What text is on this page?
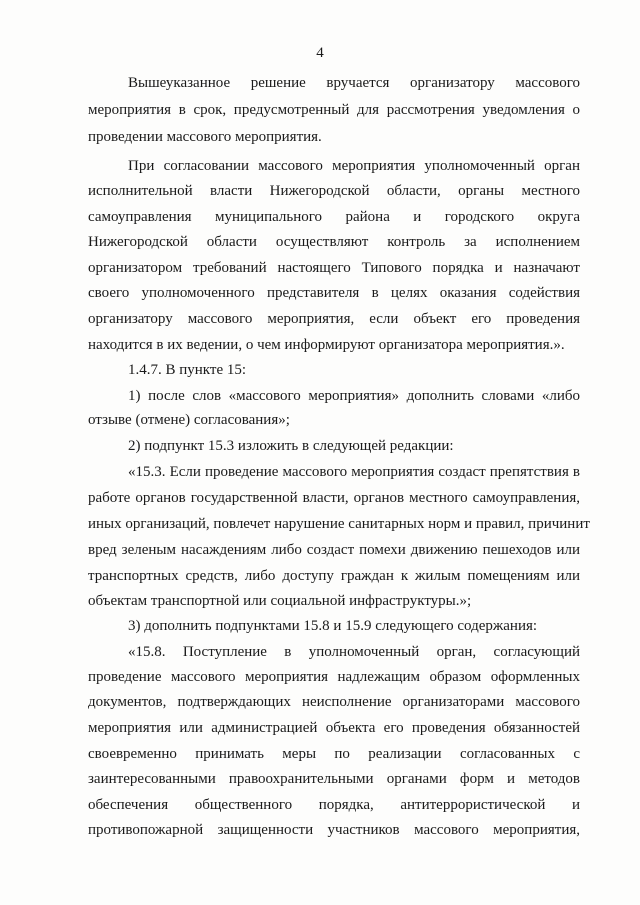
4
Вышеуказанное решение вручается организатору массового
мероприятия в срок, предусмотренный для рассмотрения уведомления о
проведении массового мероприятия.
При согласовании массового мероприятия уполномоченный орган
исполнительной власти Нижегородской области, органы местного
самоуправления муниципального района и городского округа
Нижегородской области осуществляют контроль за исполнением
организатором требований настоящего Типового порядка и назначают
своего уполномоченного представителя в целях оказания содействия
организатору массового мероприятия, если объект его проведения
находится в их ведении, о чем информируют организатора мероприятия.».
1.4.7. В пункте 15:
1) после слов «массового мероприятия» дополнить словами «либо
отзыве (отмене) согласования»;
2) подпункт 15.3 изложить в следующей редакции:
«15.3. Если проведение массового мероприятия создаст препятствия в
работе органов государственной власти, органов местного самоуправления,
иных организаций, повлечет нарушение санитарных норм и правил, причинит
вред зеленым насаждениям либо создаст помехи движению пешеходов или
транспортных средств, либо доступу граждан к жилым помещениям или
объектам транспортной или социальной инфраструктуры.»;
3) дополнить подпунктами 15.8 и 15.9 следующего содержания:
«15.8. Поступление в уполномоченный орган, согласующий
проведение массового мероприятия надлежащим образом оформленных
документов, подтверждающих неисполнение организаторами массового
мероприятия или администрацией объекта его проведения обязанностей
своевременно принимать меры по реализации согласованных с
заинтересованными правоохранительными органами форм и методов
обеспечения общественного порядка, антитеррористической и
противопожарной защищенности участников массового мероприятия,
